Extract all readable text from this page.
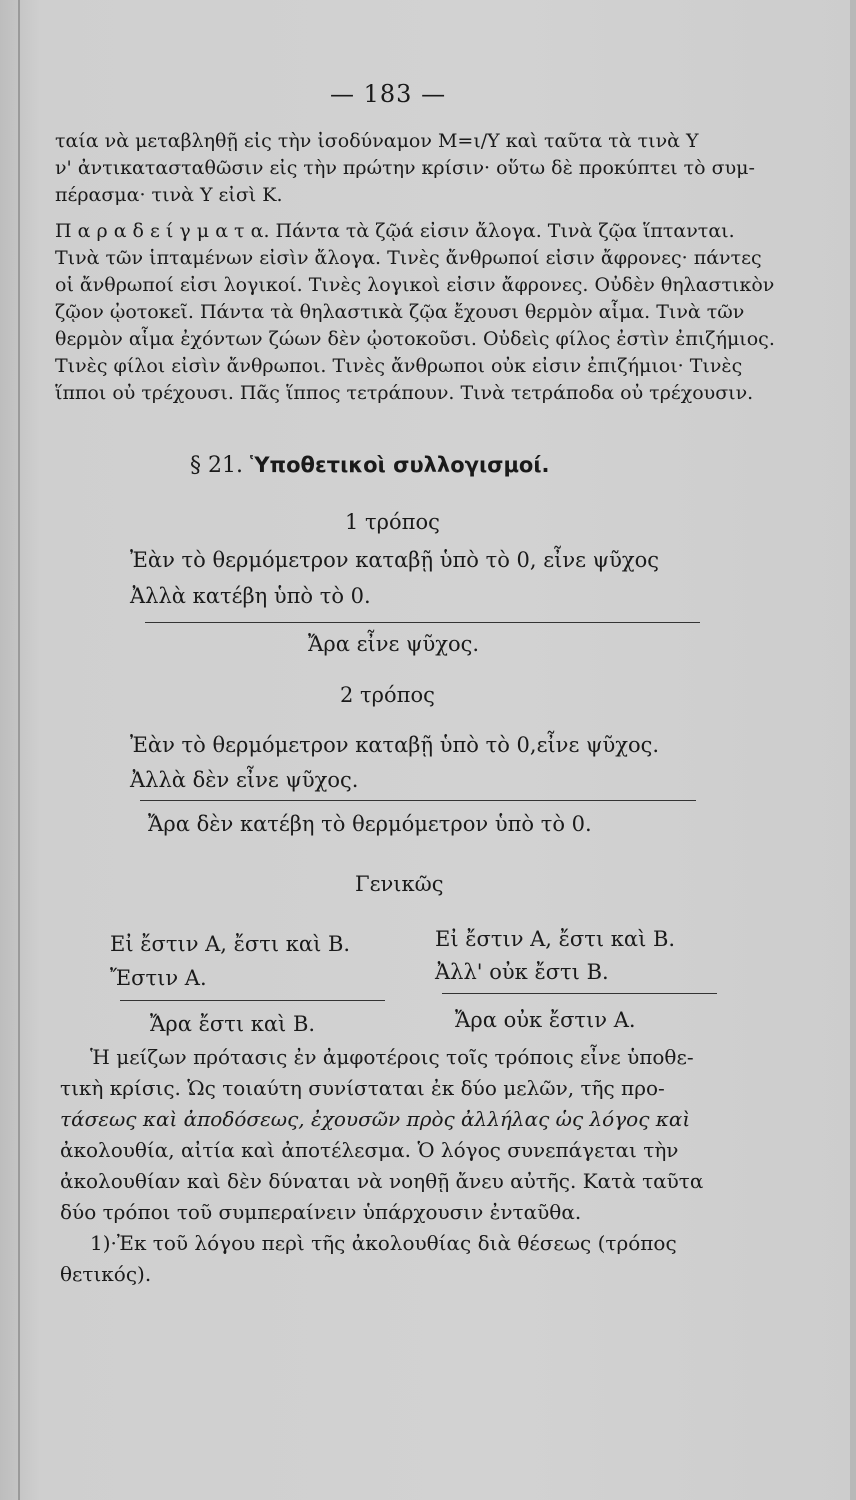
— 183 —
ταία νὰ μεταβληθῇ εἰς τὴν ἰσοδύναμον Μ=ι/Υ καὶ ταῦτα τὰ τινὰ Υ
ν' ἀντικατασταθῶσιν εἰς τὴν πρώτην κρίσιν· οὕτω δὲ προκύπτει τὸ συμ-
πέρασμα· τινὰ Υ εἰσὶ Κ.
Π α ρ α δ ε ί γ μ α τ α. Πάντα τὰ ζῷά εἰσιν ἄλογα. Τινὰ ζῷα ἵπτανται.
Τινὰ τῶν ἱπταμένων εἰσὶν ἄλογα. Τινὲς ἄνθρωποί εἰσιν ἄφρονες· πάντες
οἱ ἄνθρωποί εἰσι λογικοί. Τινὲς λογικοὶ εἰσιν ἄφρονες. Οὐδὲν θηλαστικὸν
ζῷον ᾠοτοκεῖ. Πάντα τὰ θηλαστικὰ ζῷα ἔχουσι θερμὸν αἷμα. Τινὰ τῶν
θερμὸν αἷμα ἐχόντων ζώων δὲν ᾠοτοκοῦσι. Οὐδεὶς φίλος ἐστὶν ἐπιζήμιος.
Τινὲς φίλοι εἰσὶν ἄνθρωποι. Τινὲς ἄνθρωποι οὐκ εἰσιν ἐπιζήμιοι· Τινὲς
ἵπποι οὐ τρέχουσι. Πᾶς ἵππος τετράπουν. Τινὰ τετράποδα οὐ τρέχουσιν.
§ 21. Ὑποθετικοὶ συλλογισμοί.
1 τρόπος
Ἐὰν τὸ θερμόμετρον καταβῇ ὑπὸ τὸ 0, εἶνε ψῦχος
Ἀλλὰ κατέβη ὑπὸ τὸ 0.
Ἄρα εἶνε ψῦχος.
2 τρόπος
Ἐὰν τὸ θερμόμετρον καταβῇ ὑπὸ τὸ 0,εἶνε ψῦχος.
Ἀλλὰ δὲν εἶνε ψῦχος.
Ἄρα δὲν κατέβη τὸ θερμόμετρον ὑπὸ τὸ 0.
Γενικῶς
Εἰ ἔστιν Α, ἔστι καὶ Β.
Ἔστιν Α.
Ἄρα ἔστι καὶ Β.
Εἰ ἔστιν Α, ἔστι καὶ Β.
Ἀλλ' οὐκ ἔστι Β.
Ἄρα οὐκ ἔστιν Α.
Ἡ μείζων πρότασις ἐν ἀμφοτέροις τοῖς τρόποις εἶνε ὑποθε-
τικὴ κρίσις. Ὡς τοιαύτη συνίσταται ἐκ δύο μελῶν, τῆς προ-
τάσεως καὶ ἀποδόσεως, ἐχουσῶν πρὸς ἀλλήλας ὡς λόγος καὶ
ἀκολουθία, αἰτία καὶ ἀποτέλεσμα. Ὁ λόγος συνεπάγεται τὴν
ἀκολουθίαν καὶ δὲν δύναται νὰ νοηθῇ ἄνευ αὐτῆς. Κατὰ ταῦτα
δύο τρόποι τοῦ συμπεραίνειν ὑπάρχουσιν ἐνταῦθα.
1)·Ἐκ τοῦ λόγου περὶ τῆς ἀκολουθίας διὰ θέσεως (τρόπος
θετικός).
